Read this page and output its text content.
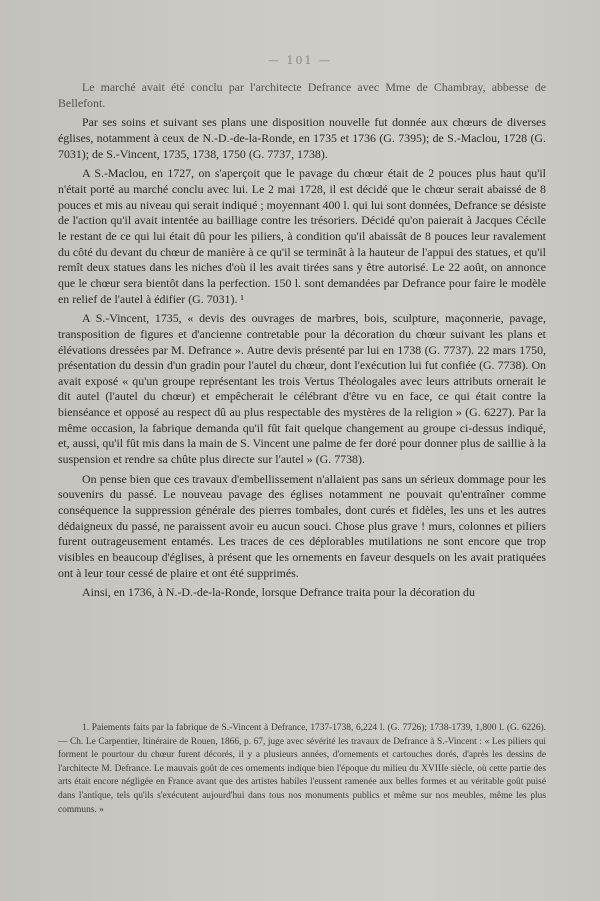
— 101 —

Le marché avait été conclu par l'architecte Defrance avec Mme de Chambray, abbesse de Bellefont.

Par ses soins et suivant ses plans une disposition nouvelle fut donnée aux chœurs de diverses églises, notamment à ceux de N.-D.-de-la-Ronde, en 1735 et 1736 (G. 7395); de S.-Maclou, 1728 (G. 7031); de S.-Vincent, 1735, 1738, 1750 (G. 7737, 1738).

A S.-Maclou, en 1727, on s'aperçoit que le pavage du chœur était de 2 pouces plus haut qu'il n'était porté au marché conclu avec lui. Le 2 mai 1728, il est décidé que le chœur serait abaissé de 8 pouces et mis au niveau qui serait indiqué ; moyennant 400 l. qui lui sont données, Defrance se désiste de l'action qu'il avait intentée au bailliage contre les trésoriers. Décidé qu'on paierait à Jacques Cécile le restant de ce qui lui était dû pour les piliers, à condition qu'il abaissât de 8 pouces leur ravalement du côté du devant du chœur de manière à ce qu'il se terminât à la hauteur de l'appui des statues, et qu'il remît deux statues dans les niches d'où il les avait tirées sans y être autorisé. Le 22 août, on annonce que le chœur sera bientôt dans la perfection. 150 l. sont demandées par Defrance pour faire le modèle en relief de l'autel à édifier (G. 7031). ¹

A S.-Vincent, 1735, « devis des ouvrages de marbres, bois, sculpture, maçonnerie, pavage, transposition de figures et d'ancienne contretable pour la décoration du chœur suivant les plans et élévations dressées par M. Defrance ». Autre devis présenté par lui en 1738 (G. 7737). 22 mars 1750, présentation du dessin d'un gradin pour l'autel du chœur, dont l'exécution lui fut confiée (G. 7738). On avait exposé « qu'un groupe représentant les trois Vertus Théologales avec leurs attributs ornerait le dit autel (l'autel du chœur) et empêcherait le célébrant d'être vu en face, ce qui était contre la bienséance et opposé au respect dû au plus respectable des mystères de la religion » (G. 6227). Par la même occasion, la fabrique demanda qu'il fût fait quelque changement au groupe ci-dessus indiqué, et, aussi, qu'il fût mis dans la main de S. Vincent une palme de fer doré pour donner plus de saillie à la suspension et rendre sa chûte plus directe sur l'autel » (G. 7738).

On pense bien que ces travaux d'embellissement n'allaient pas sans un sérieux dommage pour les souvenirs du passé. Le nouveau pavage des églises notamment ne pouvait qu'entraîner comme conséquence la suppression générale des pierres tombales, dont curés et fidèles, les uns et les autres dédaigneux du passé, ne paraissent avoir eu aucun souci. Chose plus grave ! murs, colonnes et piliers furent outrageusement entamés. Les traces de ces déplorables mutilations ne sont encore que trop visibles en beaucoup d'églises, à présent que les ornements en faveur desquels on les avait pratiquées ont à leur tour cessé de plaire et ont été supprimés.

Ainsi, en 1736, à N.-D.-de-la-Ronde, lorsque Defrance traita pour la décoration du

1. Paiements faits par la fabrique de S.-Vincent à Defrance, 1737-1738, 6,224 l. (G. 7726); 1738-1739, 1,800 l. (G. 6226). — Ch. Le Carpentier, Itinéraire de Rouen, 1866, p. 67, juge avec sévérité les travaux de Defrance à S.-Vincent : « Les piliers qui forment le pourtour du chœur furent décorés, il y a plusieurs années, d'ornements et cartouches dorés, d'après les dessins de l'architecte M. Defrance. Le mauvais goût de ces ornements indique bien l'époque du milieu du XVIIIe siècle, où cette partie des arts était encore négligée en France avant que des artistes habiles l'eussent ramenée aux belles formes et au véritable goût puisé dans l'antique, tels qu'ils s'exécutent aujourd'hui dans tous nos monuments publics et même sur nos meubles, même les plus communs. »
